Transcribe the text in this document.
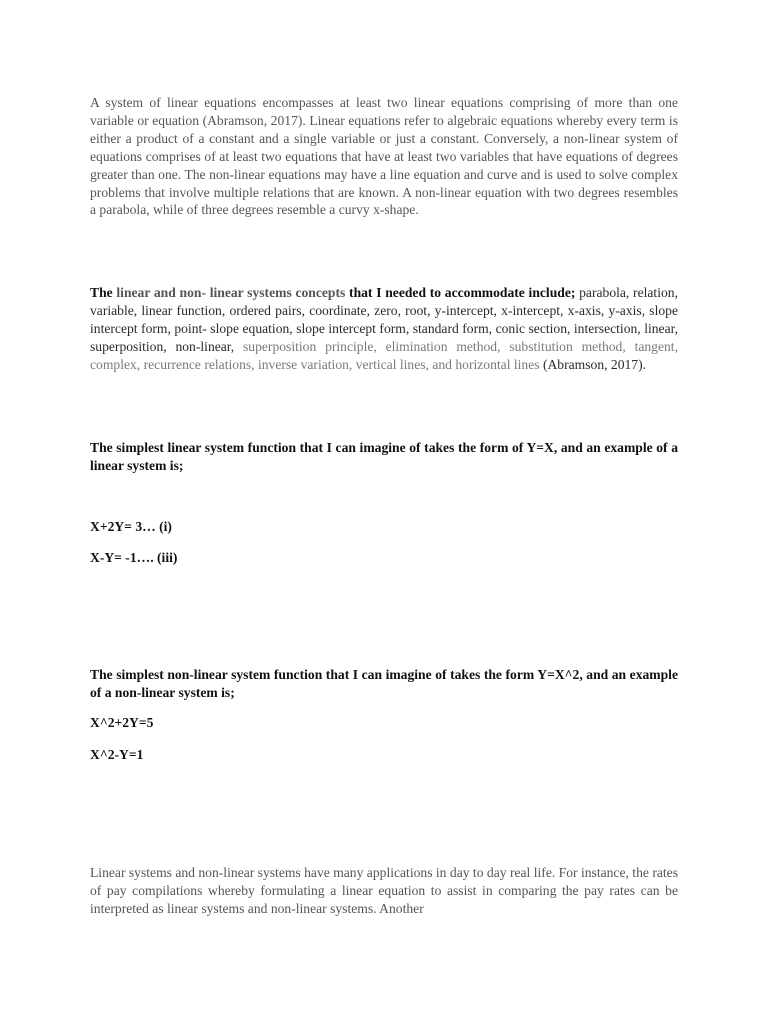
A system of linear equations encompasses at least two linear equations comprising of more than one variable or equation (Abramson, 2017). Linear equations refer to algebraic equations whereby every term is either a product of a constant and a single variable or just a constant. Conversely, a non-linear system of equations comprises of at least two equations that have at least two variables that have equations of degrees greater than one. The non-linear equations may have a line equation and curve and is used to solve complex problems that involve multiple relations that are known. A non-linear equation with two degrees resembles a parabola, while of three degrees resemble a curvy x-shape.

The linear and non- linear systems concepts that I needed to accommodate include; parabola, relation, variable, linear function, ordered pairs, coordinate, zero, root, y-intercept, x-intercept, x-axis, y-axis, slope intercept form, point- slope equation, slope intercept form, standard form, conic section, intersection, linear, superposition, non-linear, superposition principle, elimination method, substitution method, tangent, complex, recurrence relations, inverse variation, vertical lines, and horizontal lines (Abramson, 2017).

The simplest linear system function that I can imagine of takes the form of Y=X, and an example of a linear system is;

X+2Y= 3… (i)

X-Y= -1…. (iii)

The simplest non-linear system function that I can imagine of takes the form Y=X^2, and an example of a non-linear system is;

X^2+2Y=5

X^2-Y=1

Linear systems and non-linear systems have many applications in day to day real life. For instance, the rates of pay compilations whereby formulating a linear equation to assist in comparing the pay rates can be interpreted as linear systems and non-linear systems. Another
